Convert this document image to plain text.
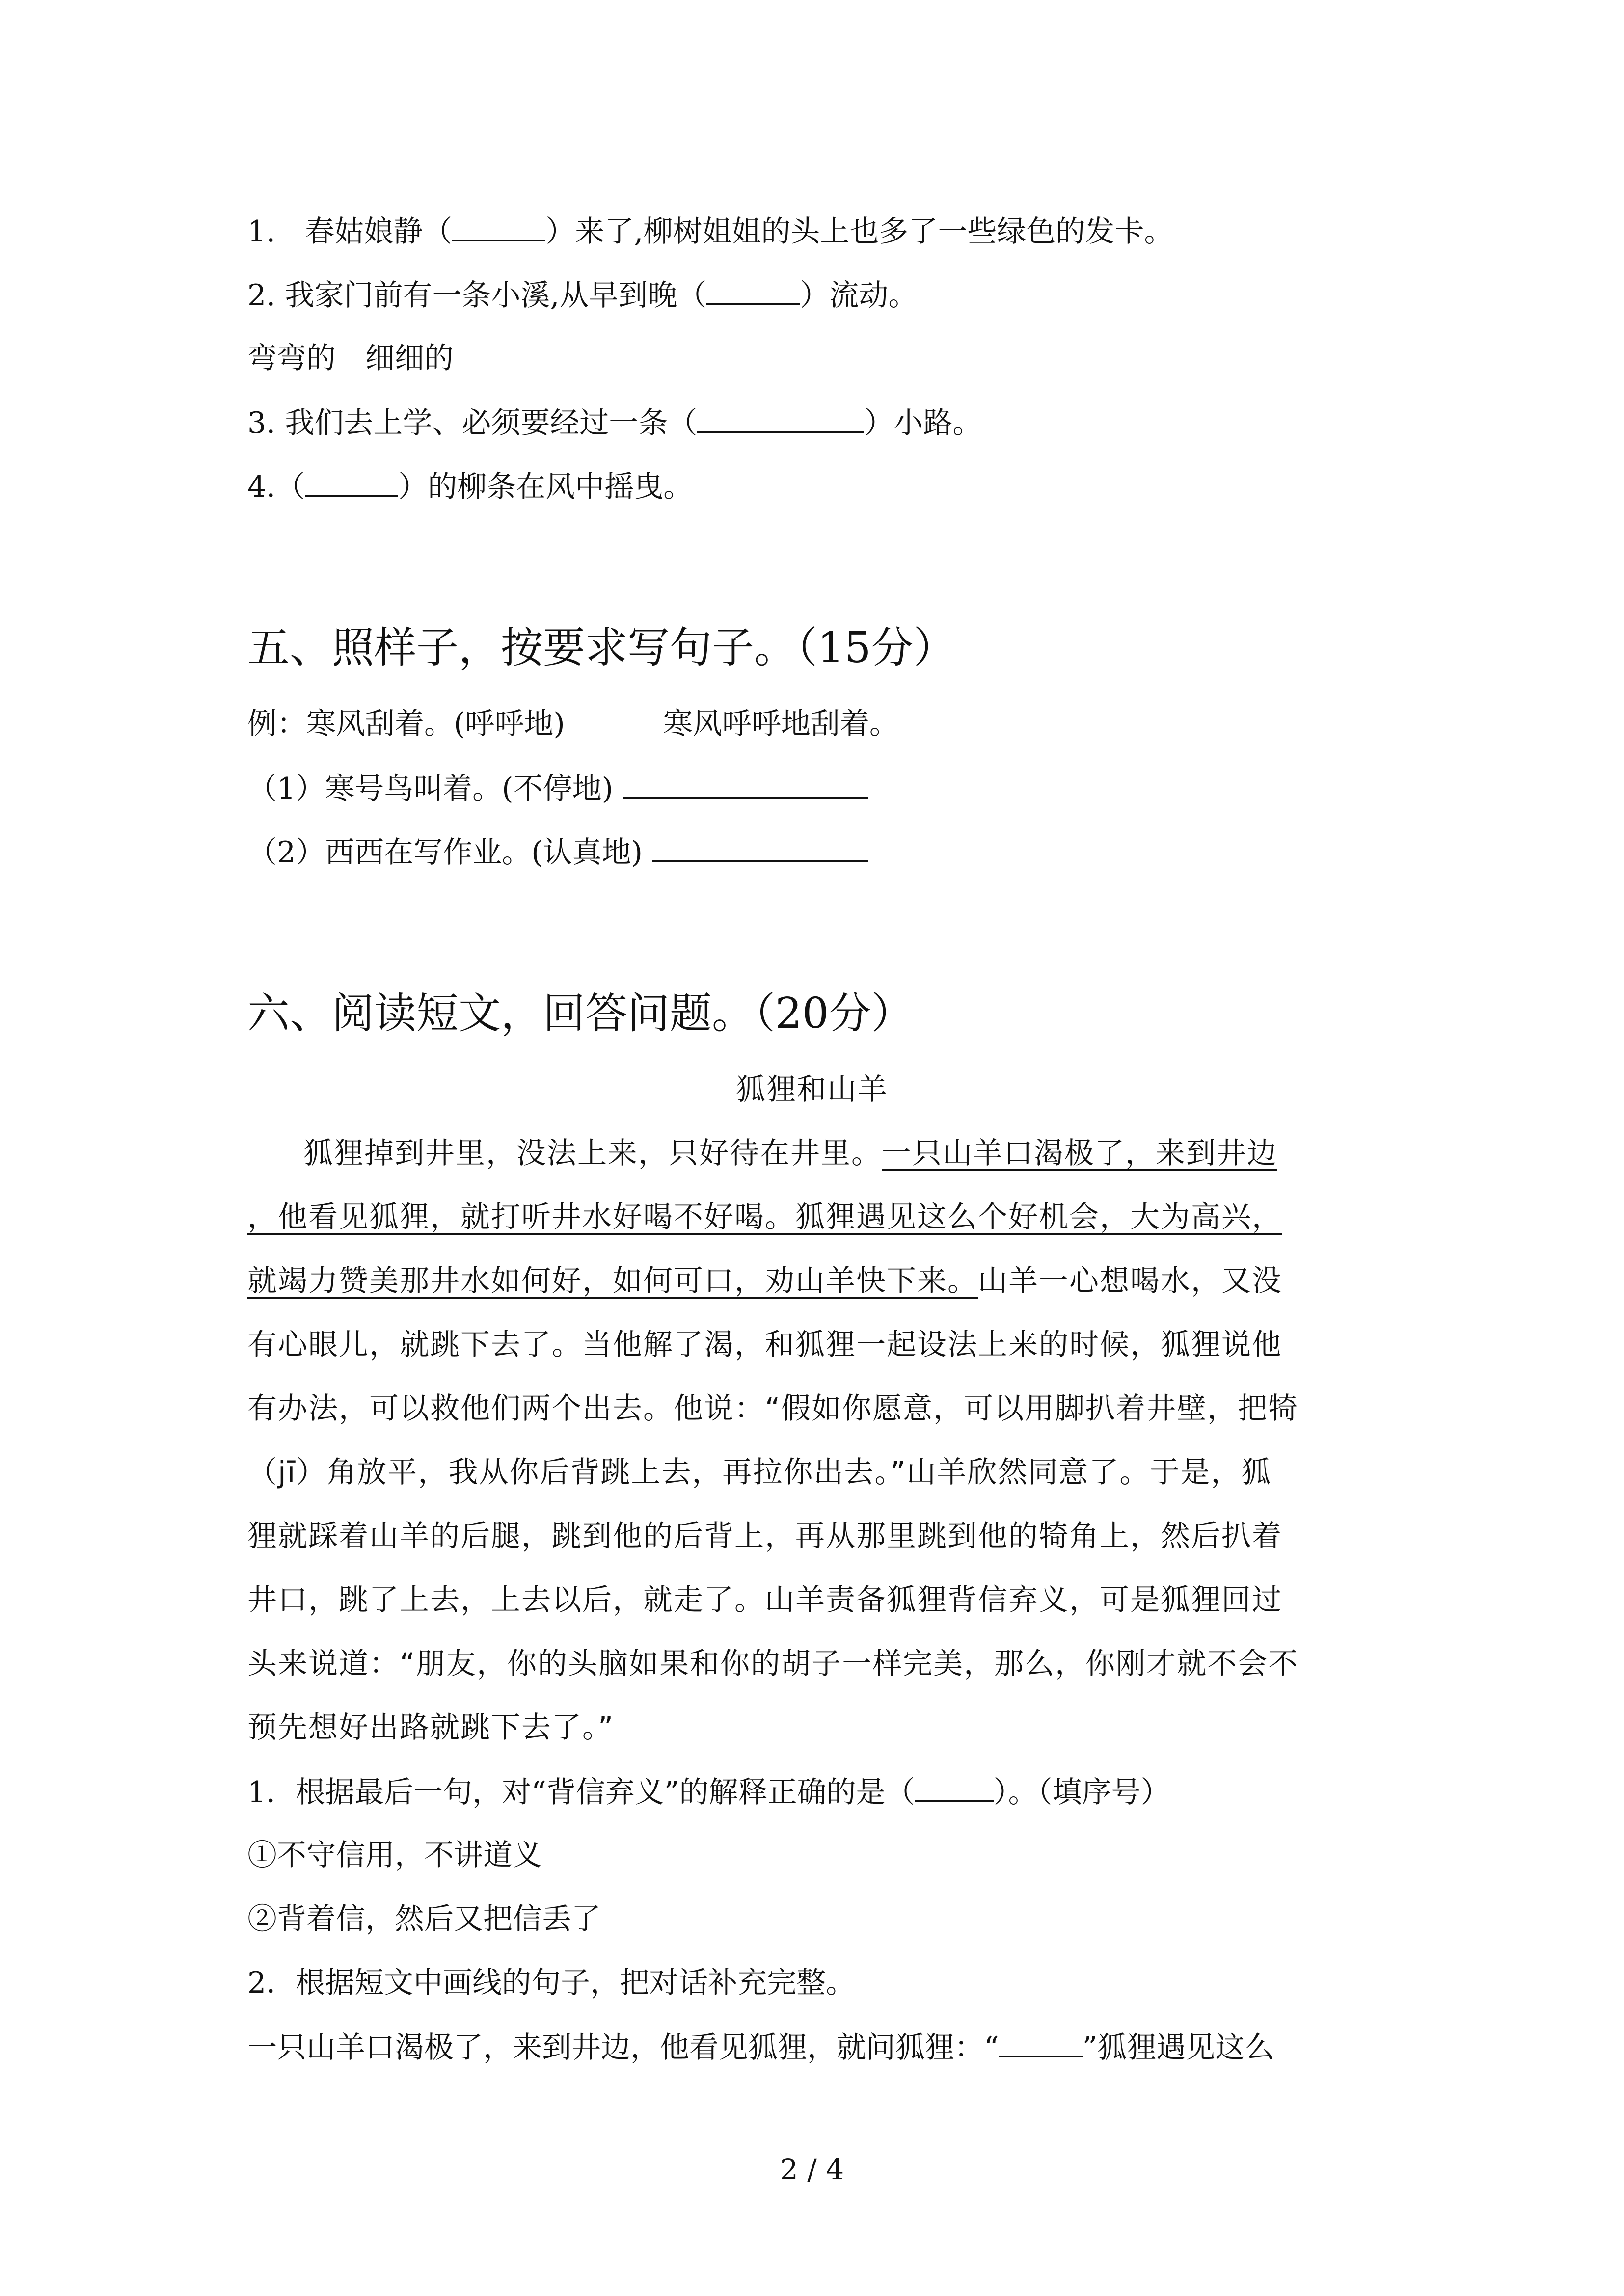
1.　春姑娘静（	）来了,柳树姐姐的头上也多了一些绿色的发卡。
2. 我家门前有一条小溪,从早到晚（	）流动。
弯弯的 细细的
3. 我们去上学、必须要经过一条（	）小路。
4.（	）的柳条在风中摇曳。
五、照样子，按要求写句子。（15分）
例：寒风刮着。(呼呼地)	寒风呼呼地刮着。
（1）寒号鸟叫着。(不停地)
（2）西西在写作业。(认真地)
六、阅读短文，回答问题。（20分）
狐狸和山羊
狐狸掉到井里，没法上来，只好待在井里。一只山羊口渴极了，来到井边
，他看见狐狸，就打听井水好喝不好喝。狐狸遇见这么个好机会，大为高兴，
就竭力赞美那井水如何好，如何可口，劝山羊快下来。山羊一心想喝水，又没
有心眼儿，就跳下去了。当他解了渴，和狐狸一起设法上来的时候，狐狸说他
有办法，可以救他们两个出去。他说：“假如你愿意，可以用脚扒着井壁，把犄
（jī）角放平，我从你后背跳上去，再拉你出去。”山羊欣然同意了。于是，狐
狸就踩着山羊的后腿，跳到他的后背上，再从那里跳到他的犄角上，然后扒着
井口，跳了上去，上去以后，就走了。山羊责备狐狸背信弃义，可是狐狸回过
头来说道：“朋友，你的头脑如果和你的胡子一样完美，那么，你刚才就不会不
预先想好出路就跳下去了。”
1．根据最后一句，对“背信弃义”的解释正确的是（	）。（填序号）
①不守信用，不讲道义
②背着信，然后又把信丢了
2．根据短文中画线的句子，把对话补充完整。
一只山羊口渴极了，来到井边，他看见狐狸，就问狐狸：“	”狐狸遇见这么
2 / 4
